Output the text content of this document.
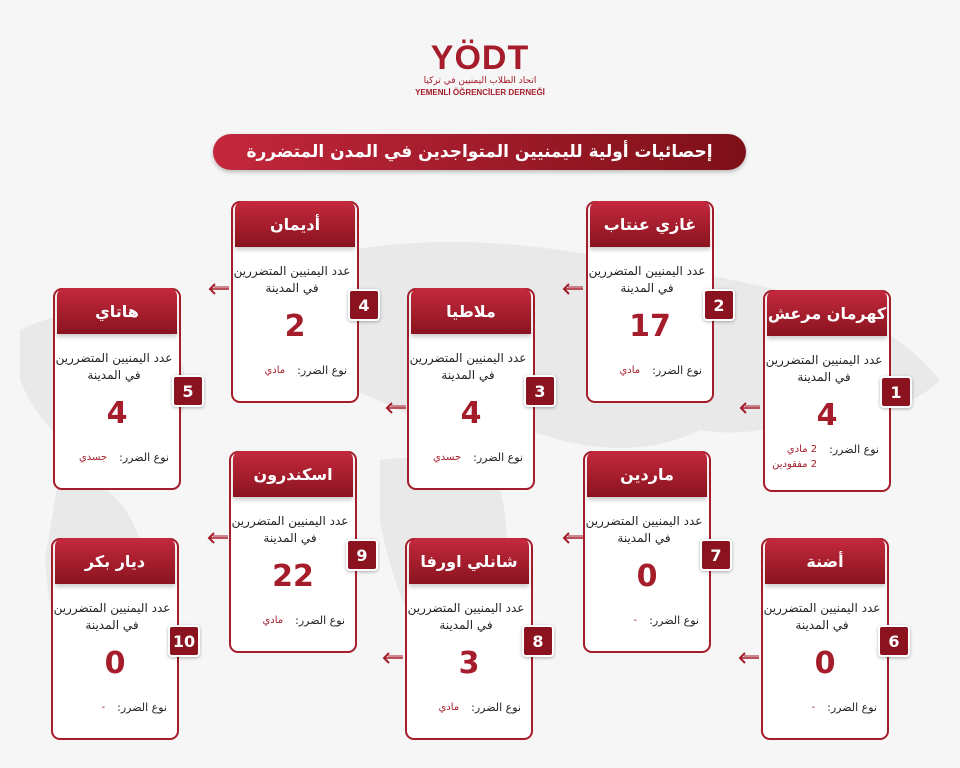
YÖDT
اتحاد الطلاب اليمنيين في تركيا
YEMENLİ ÖĞRENCİLER DERNEĞİ
إحصائيات أولية لليمنيين المتواجدين في المدن المتضررة
كهرمان مرعش
عدد اليمنيين المتضررين في المدينة
4
نوع الضرر:
2 مادي
2 مفقودين
1
غازي عنتاب
عدد اليمنيين المتضررين في المدينة
17
نوع الضرر:
مادي
2
ملاطيا
عدد اليمنيين المتضررين في المدينة
4
نوع الضرر:
جسدي
3
أديمان
عدد اليمنيين المتضررين في المدينة
2
نوع الضرر:
مادي
4
هاتاي
عدد اليمنيين المتضررين في المدينة
4
نوع الضرر:
جسدي
5
أضنة
عدد اليمنيين المتضررين في المدينة
0
نوع الضرر:
-
6
ماردين
عدد اليمنيين المتضررين في المدينة
0
نوع الضرر:
-
7
شانلي اورفا
عدد اليمنيين المتضررين في المدينة
3
نوع الضرر:
مادي
8
اسكندرون
عدد اليمنيين المتضررين في المدينة
22
نوع الضرر:
مادي
9
ديار بكر
عدد اليمنيين المتضررين في المدينة
0
نوع الضرر:
-
10
